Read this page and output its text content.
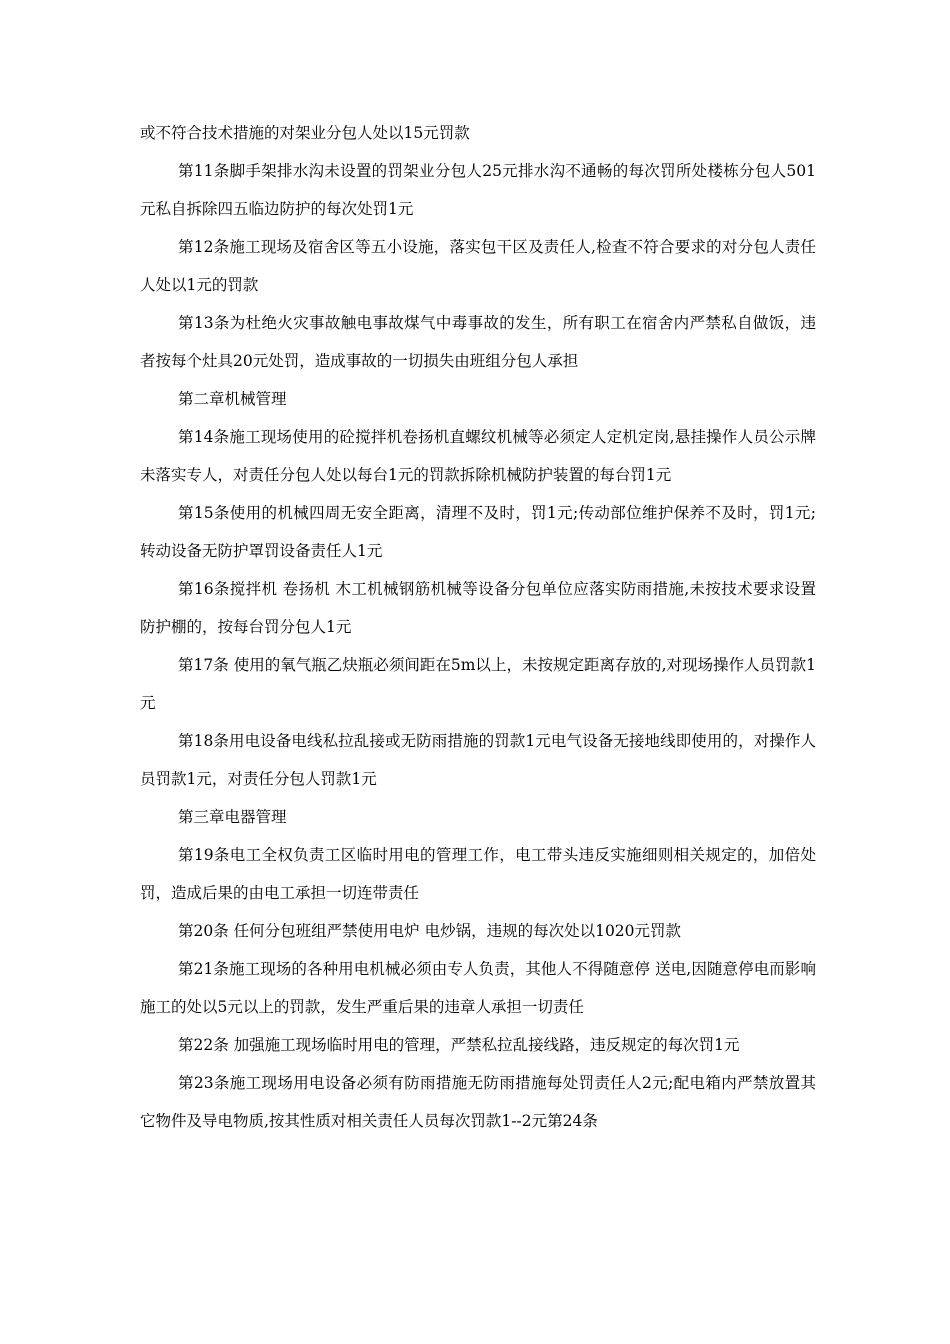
或不符合技术措施的对架业分包人处以15元罚款

第11条脚手架排水沟未设置的罚架业分包人25元排水沟不通畅的每次罚所处楼栋分包人501元私自拆除四五临边防护的每次处罚1元

第12条施工现场及宿舍区等五小设施，落实包干区及责任人,检查不符合要求的对分包人责任人处以1元的罚款

第13条为杜绝火灾事故触电事故煤气中毒事故的发生，所有职工在宿舍内严禁私自做饭，违者按每个灶具20元处罚，造成事故的一切损失由班组分包人承担

第二章机械管理

第14条施工现场使用的砼搅拌机卷扬机直螺纹机械等必须定人定机定岗,悬挂操作人员公示牌未落实专人，对责任分包人处以每台1元的罚款拆除机械防护装置的每台罚1元

第15条使用的机械四周无安全距离，清理不及时，罚1元;传动部位维护保养不及时，罚1元;转动设备无防护罩罚设备责任人1元

第16条搅拌机 卷扬机 木工机械钢筋机械等设备分包单位应落实防雨措施,未按技术要求设置防护棚的，按每台罚分包人1元

第17条 使用的氧气瓶乙炔瓶必须间距在5m以上，未按规定距离存放的,对现场操作人员罚款1元

第18条用电设备电线私拉乱接或无防雨措施的罚款1元电气设备无接地线即使用的，对操作人员罚款1元，对责任分包人罚款1元

第三章电器管理

第19条电工全权负责工区临时用电的管理工作，电工带头违反实施细则相关规定的，加倍处罚，造成后果的由电工承担一切连带责任

第20条 任何分包班组严禁使用电炉 电炒锅，违规的每次处以1020元罚款

第21条施工现场的各种用电机械必须由专人负责，其他人不得随意停 送电,因随意停电而影响施工的处以5元以上的罚款，发生严重后果的违章人承担一切责任

第22条 加强施工现场临时用电的管理，严禁私拉乱接线路，违反规定的每次罚1元

第23条施工现场用电设备必须有防雨措施无防雨措施每处罚责任人2元;配电箱内严禁放置其它物件及导电物质,按其性质对相关责任人员每次罚款1--2元第24条
